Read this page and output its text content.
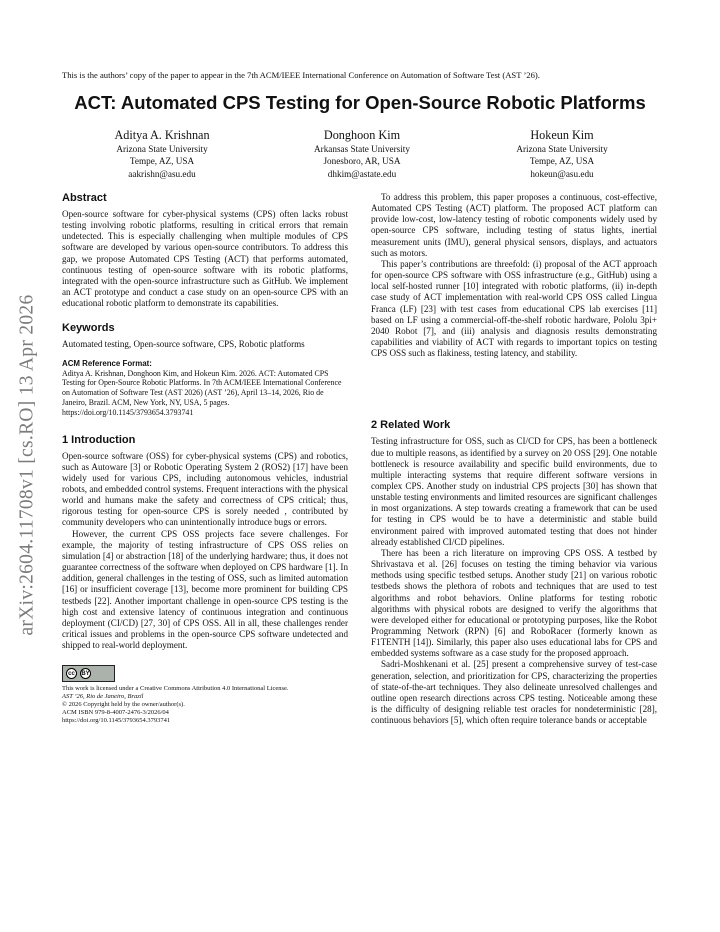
arXiv:2604.11708v1 [cs.RO] 13 Apr 2026
This is the authors’ copy of the paper to appear in the 7th ACM/IEEE International Conference on Automation of Software Test (AST ’26).
ACT: Automated CPS Testing for Open-Source Robotic Platforms
Aditya A. Krishnan
Arizona State University
Tempe, AZ, USA
aakrishn@asu.edu
Donghoon Kim
Arkansas State University
Jonesboro, AR, USA
dhkim@astate.edu
Hokeun Kim
Arizona State University
Tempe, AZ, USA
hokeun@asu.edu
Abstract

Open-source software for cyber-physical systems (CPS) often lacks robust testing involving robotic platforms, resulting in critical errors that remain undetected. This is especially challenging when multiple modules of CPS software are developed by various open-source contributors. To address this gap, we propose Automated CPS Testing (ACT) that performs automated, continuous testing of open-source software with its robotic platforms, integrated with the open-source infrastructure such as GitHub. We implement an ACT prototype and conduct a case study on an open-source CPS with an educational robotic platform to demonstrate its capabilities.

Keywords

Automated testing, Open-source software, CPS, Robotic platforms

ACM Reference Format:
Aditya A. Krishnan, Donghoon Kim, and Hokeun Kim. 2026. ACT: Automated CPS Testing for Open-Source Robotic Platforms. In 7th ACM/IEEE International Conference on Automation of Software Test (AST 2026) (AST ’26), April 13–14, 2026, Rio de Janeiro, Brazil. ACM, New York, NY, USA, 5 pages. https://doi.org/10.1145/3793654.3793741
1 Introduction

Open-source software (OSS) for cyber-physical systems (CPS) and robotics, such as Autoware [3] or Robotic Operating System 2 (ROS2) [17] have been widely used for various CPS, including autonomous vehicles, industrial robots, and embedded control systems. Frequent interactions with the physical world and humans make the safety and correctness of CPS critical; thus, rigorous testing for open-source CPS is sorely needed , contributed by community developers who can unintentionally introduce bugs or errors.

However, the current CPS OSS projects face severe challenges. For example, the majority of testing infrastructure of CPS OSS relies on simulation [4] or abstraction [18] of the underlying hardware; thus, it does not guarantee correctness of the software when deployed on CPS hardware [1]. In addition, general challenges in the testing of OSS, such as limited automation [16] or insufficient coverage [13], become more prominent for building CPS testbeds [22]. Another important challenge in open-source CPS testing is the high cost and extensive latency of continuous integration and continuous deployment (CI/CD) [27, 30] of CPS OSS. All in all, these challenges render critical issues and problems in the open-source CPS software undetected and shipped to real-world deployment.

cc	BY
This work is licensed under a Creative Commons Attribution 4.0 International License.
AST ’26, Rio de Janeiro, Brazil
© 2026 Copyright held by the owner/author(s).
ACM ISBN 979-8-4007-2476-3/2026/04
https://doi.org/10.1145/3793654.3793741

To address this problem, this paper proposes a continuous, cost-effective, Automated CPS Testing (ACT) platform. The proposed ACT platform can provide low-cost, low-latency testing of robotic components widely used by open-source CPS software, including testing of status lights, inertial measurement units (IMU), general physical sensors, displays, and actuators such as motors.

This paper’s contributions are threefold: (i) proposal of the ACT approach for open-source CPS software with OSS infrastructure (e.g., GitHub) using a local self-hosted runner [10] integrated with robotic platforms, (ii) in-depth case study of ACT implementation with real-world CPS OSS called Lingua Franca (LF) [23] with test cases from educational CPS lab exercises [11] based on LF using a commercial-off-the-shelf robotic hardware, Pololu 3pi+ 2040 Robot [7], and (iii) analysis and diagnosis results demonstrating capabilities and viability of ACT with regards to important topics on testing CPS OSS such as flakiness, testing latency, and stability.

2 Related Work

Testing infrastructure for OSS, such as CI/CD for CPS, has been a bottleneck due to multiple reasons, as identified by a survey on 20 OSS [29]. One notable bottleneck is resource availability and specific build environments, due to multiple interacting systems that require different software versions in complex CPS. Another study on industrial CPS projects [30] has shown that unstable testing environments and limited resources are significant challenges in most organizations. A step towards creating a framework that can be used for testing in CPS would be to have a deterministic and stable build environment paired with improved automated testing that does not hinder already established CI/CD pipelines.

There has been a rich literature on improving CPS OSS. A testbed by Shrivastava et al. [26] focuses on testing the timing behavior via various methods using specific testbed setups. Another study [21] on various robotic testbeds shows the plethora of robots and techniques that are used to test algorithms and robot behaviors. Online platforms for testing robotic algorithms with physical robots are designed to verify the algorithms that were developed either for educational or prototyping purposes, like the Robot Programming Network (RPN) [6] and RoboRacer (formerly known as F1TENTH [14]). Similarly, this paper also uses educational labs for CPS and embedded systems software as a case study for the proposed approach.

Sadri-Moshkenani et al. [25] present a comprehensive survey of test-case generation, selection, and prioritization for CPS, characterizing the properties of state-of-the-art techniques. They also delineate unresolved challenges and outline open research directions across CPS testing. Noticeable among these is the difficulty of designing reliable test oracles for nondeterministic [28], continuous behaviors [5], which often require tolerance bands or acceptable
